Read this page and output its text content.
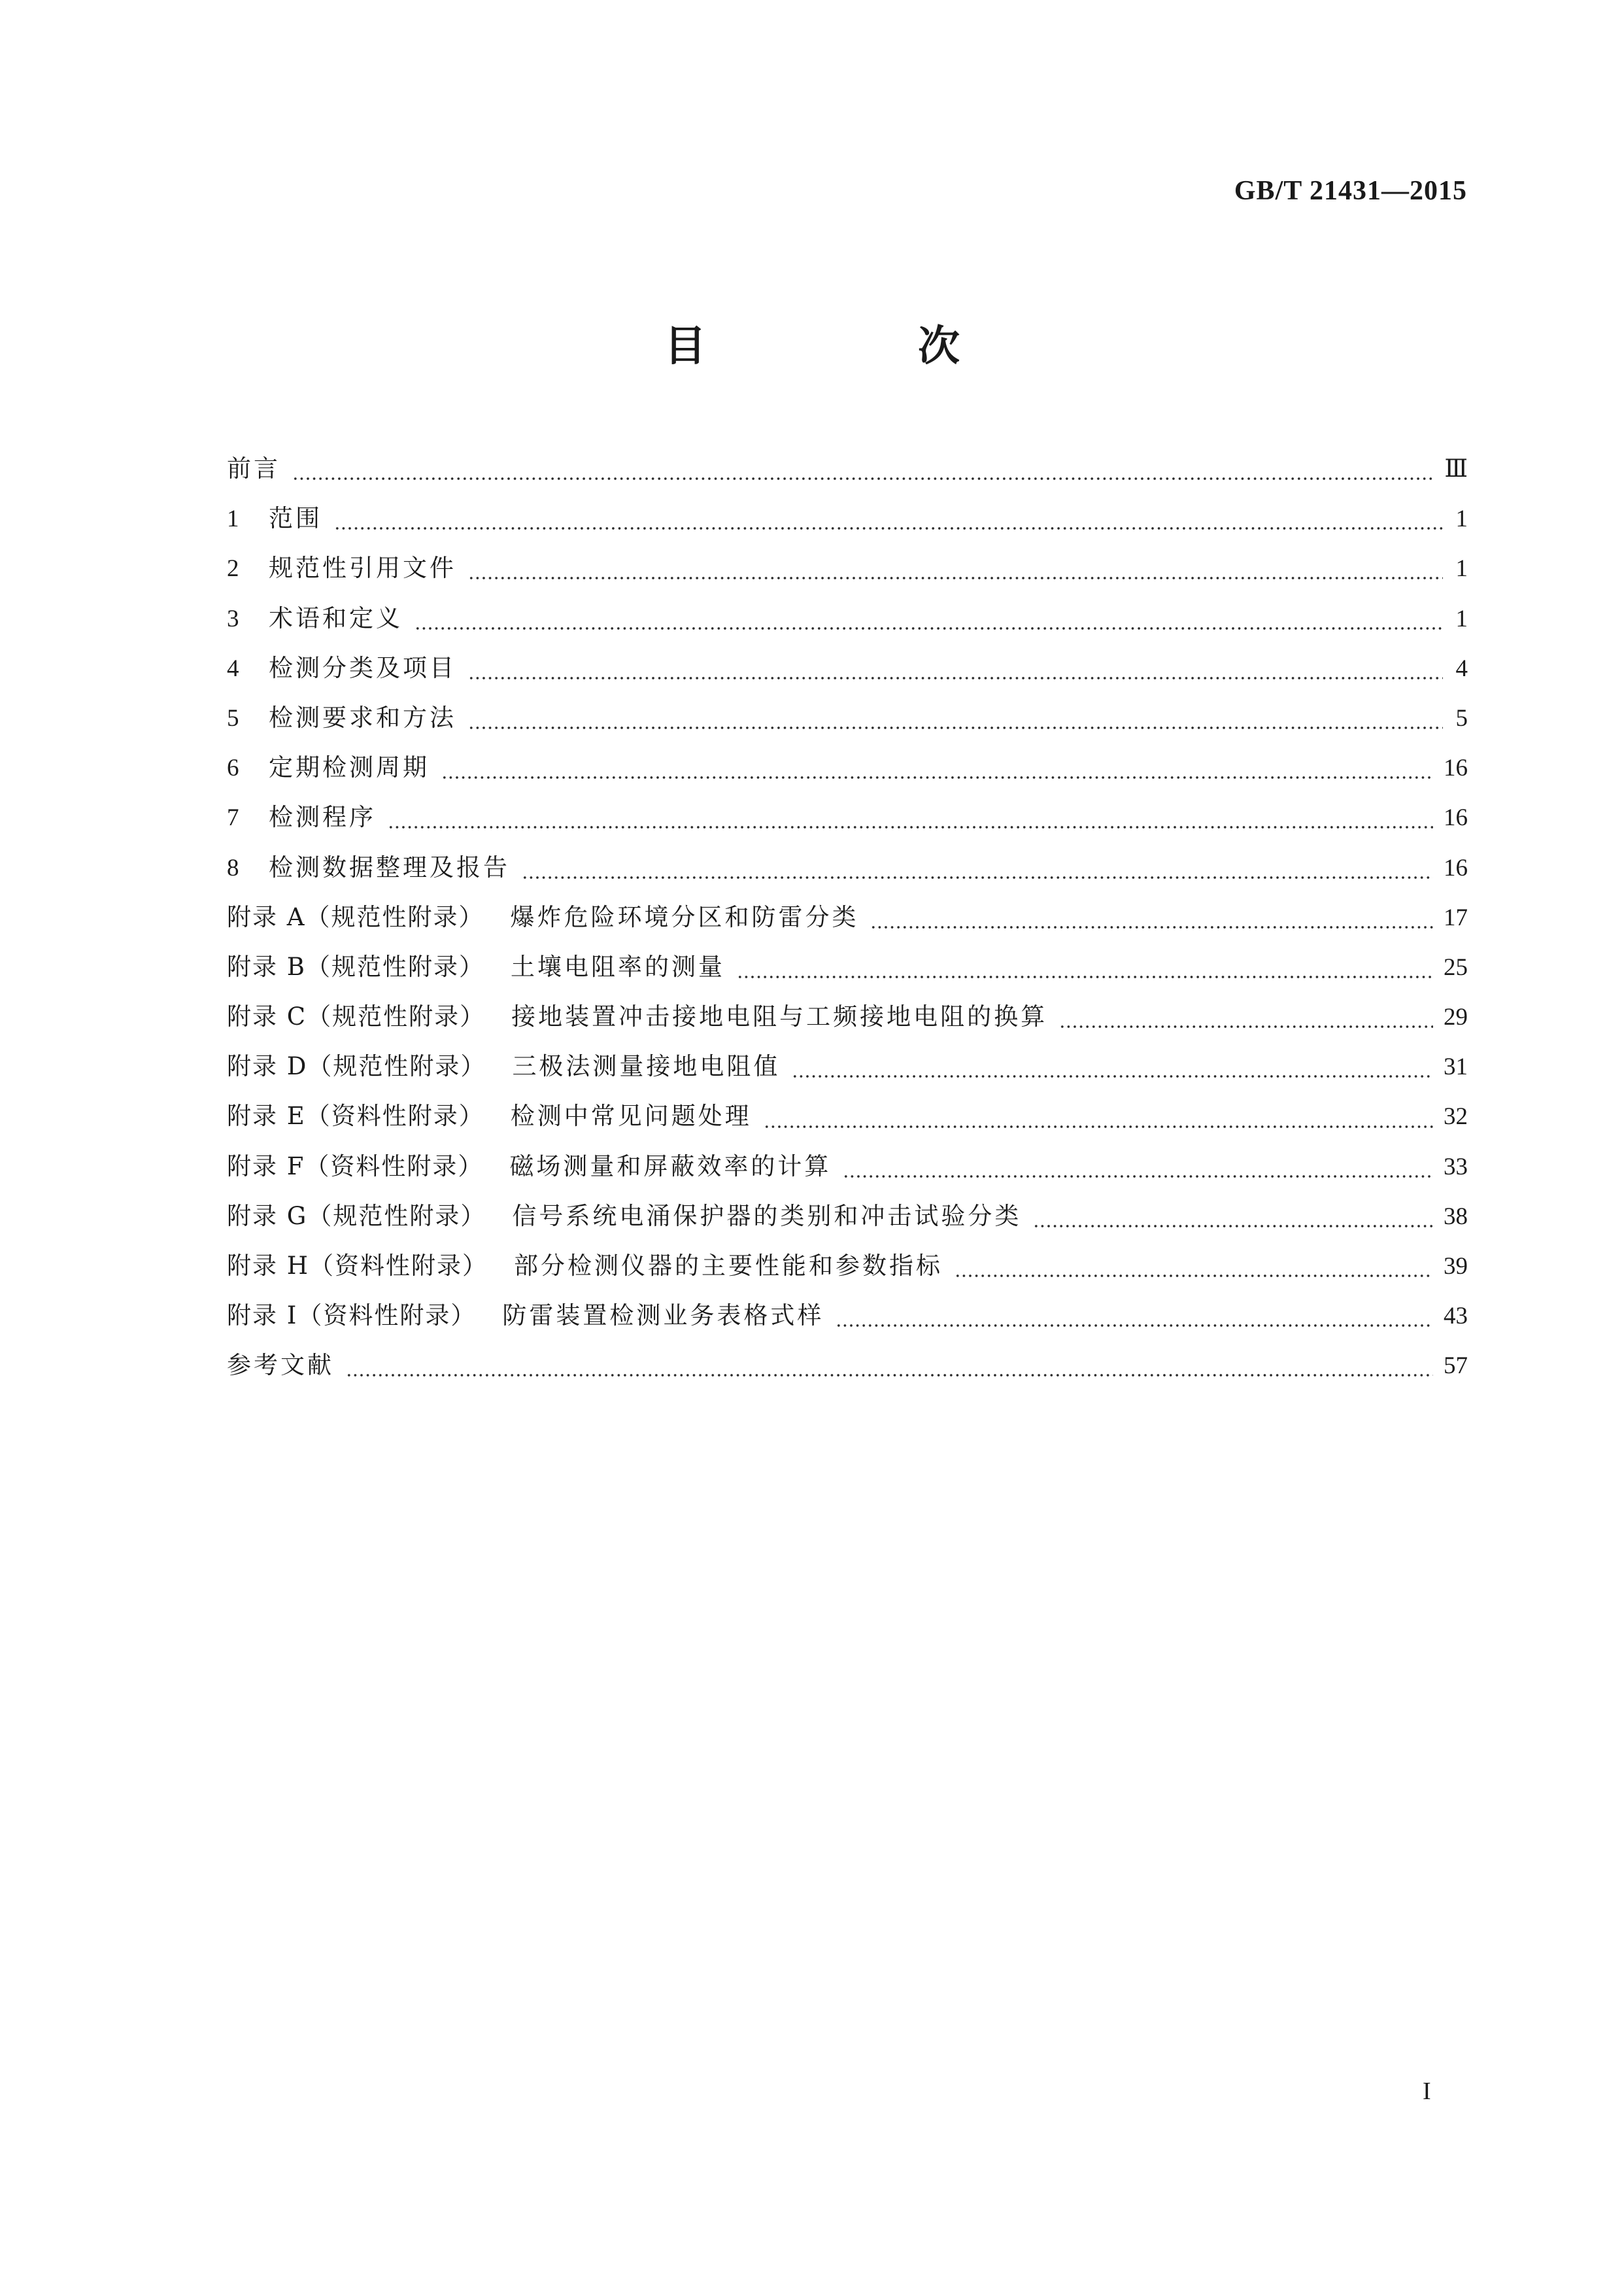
GB/T 21431—2015
目　次
前言	Ⅲ
1	范围	1
2	规范性引用文件	1
3	术语和定义	1
4	检测分类及项目	4
5	检测要求和方法	5
6	定期检测周期	16
7	检测程序	16
8	检测数据整理及报告	16
附录 A（规范性附录） 爆炸危险环境分区和防雷分类	17
附录 B（规范性附录） 土壤电阻率的测量	25
附录 C（规范性附录） 接地装置冲击接地电阻与工频接地电阻的换算	29
附录 D（规范性附录） 三极法测量接地电阻值	31
附录 E（资料性附录） 检测中常见问题处理	32
附录 F（资料性附录） 磁场测量和屏蔽效率的计算	33
附录 G（规范性附录） 信号系统电涌保护器的类别和冲击试验分类	38
附录 H（资料性附录） 部分检测仪器的主要性能和参数指标	39
附录 I（资料性附录） 防雷装置检测业务表格式样	43
参考文献	57
I
